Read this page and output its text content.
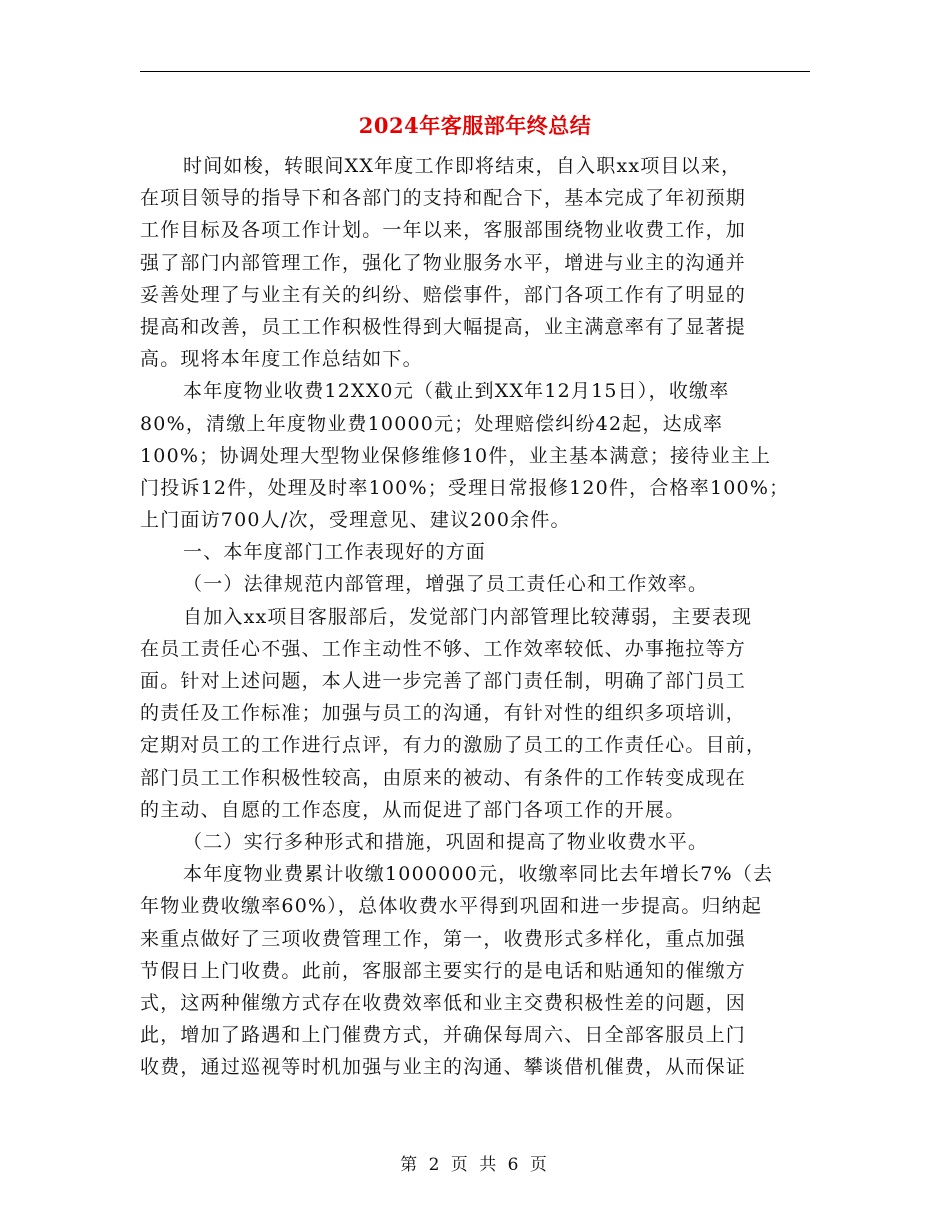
2024年客服部年终总结
时间如梭，转眼间XX年度工作即将结束，自入职xx项目以来，
在项目领导的指导下和各部门的支持和配合下，基本完成了年初预期
工作目标及各项工作计划。一年以来，客服部围绕物业收费工作，加
强了部门内部管理工作，强化了物业服务水平，增进与业主的沟通并
妥善处理了与业主有关的纠纷、赔偿事件，部门各项工作有了明显的
提高和改善，员工工作积极性得到大幅提高，业主满意率有了显著提
高。现将本年度工作总结如下。
本年度物业收费12XX0元（截止到XX年12月15日），收缴率
80%，清缴上年度物业费10000元；处理赔偿纠纷42起，达成率
100%；协调处理大型物业保修维修10件，业主基本满意；接待业主上
门投诉12件，处理及时率100%；受理日常报修120件，合格率100%；
上门面访700人/次，受理意见、建议200余件。
一、本年度部门工作表现好的方面
（一）法律规范内部管理，增强了员工责任心和工作效率。
自加入xx项目客服部后，发觉部门内部管理比较薄弱，主要表现
在员工责任心不强、工作主动性不够、工作效率较低、办事拖拉等方
面。针对上述问题，本人进一步完善了部门责任制，明确了部门员工
的责任及工作标准；加强与员工的沟通，有针对性的组织多项培训，
定期对员工的工作进行点评，有力的激励了员工的工作责任心。目前，
部门员工工作积极性较高，由原来的被动、有条件的工作转变成现在
的主动、自愿的工作态度，从而促进了部门各项工作的开展。
（二）实行多种形式和措施，巩固和提高了物业收费水平。
本年度物业费累计收缴1000000元，收缴率同比去年增长7%（去
年物业费收缴率60%），总体收费水平得到巩固和进一步提高。归纳起
来重点做好了三项收费管理工作，第一，收费形式多样化，重点加强
节假日上门收费。此前，客服部主要实行的是电话和贴通知的催缴方
式，这两种催缴方式存在收费效率低和业主交费积极性差的问题，因
此，增加了路遇和上门催费方式，并确保每周六、日全部客服员上门
收费，通过巡视等时机加强与业主的沟通、攀谈借机催费，从而保证
第 2 页 共 6 页
